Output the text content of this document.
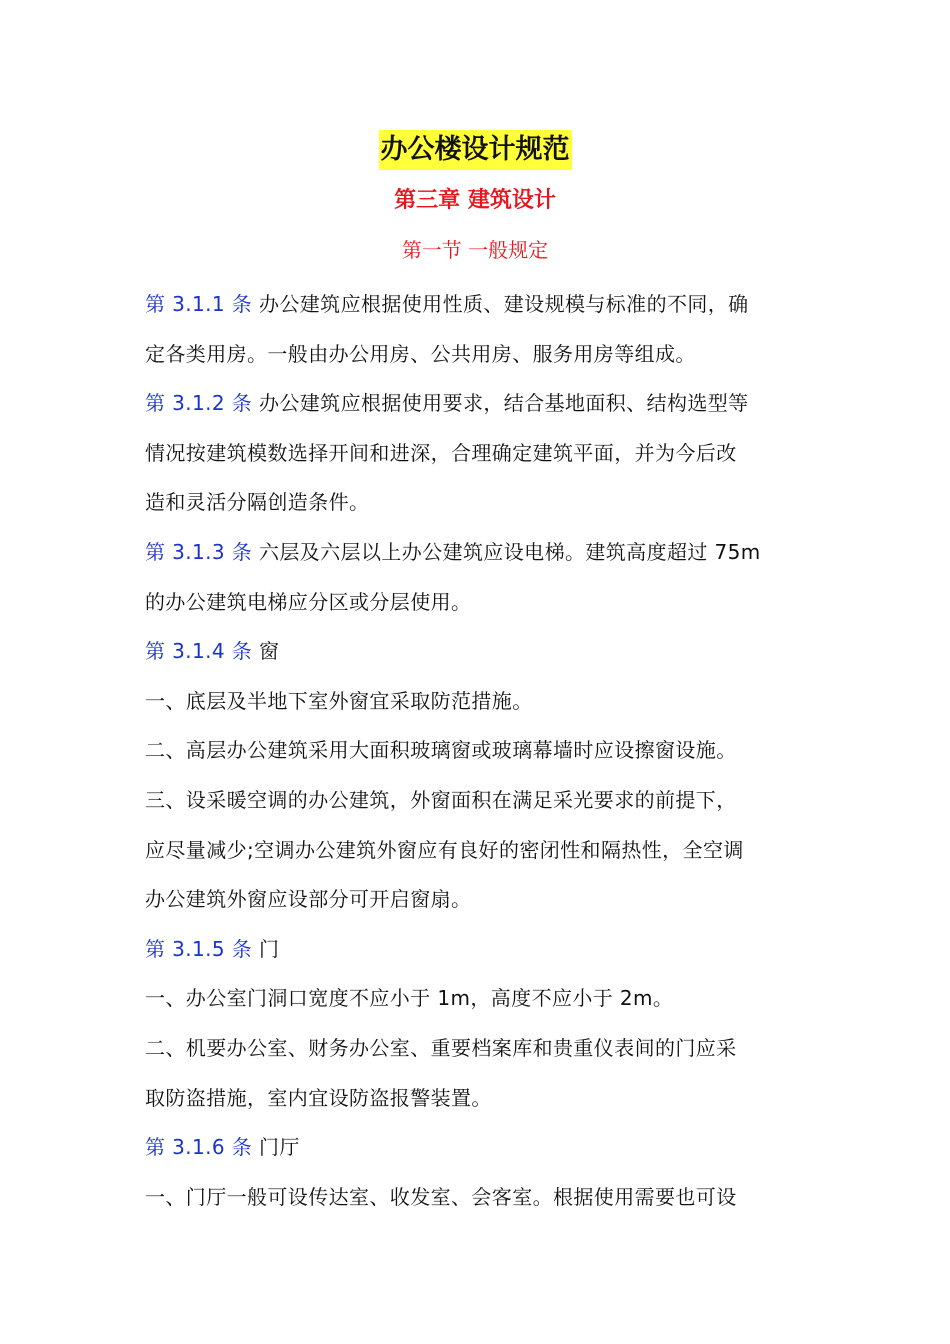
办公楼设计规范
第三章 建筑设计
第一节 一般规定

第 3.1.1 条 办公建筑应根据使用性质、建设规模与标准的不同，确

定各类用房。一般由办公用房、公共用房、服务用房等组成。

第 3.1.2 条 办公建筑应根据使用要求，结合基地面积、结构选型等

情况按建筑模数选择开间和进深，合理确定建筑平面，并为今后改

造和灵活分隔创造条件。

第 3.1.3 条 六层及六层以上办公建筑应设电梯。建筑高度超过 75m

的办公建筑电梯应分区或分层使用。

第 3.1.4 条 窗

一、底层及半地下室外窗宜采取防范措施。

二、高层办公建筑采用大面积玻璃窗或玻璃幕墙时应设擦窗设施。

三、设采暖空调的办公建筑，外窗面积在满足采光要求的前提下，

应尽量减少;空调办公建筑外窗应有良好的密闭性和隔热性，全空调

办公建筑外窗应设部分可开启窗扇。

第 3.1.5 条 门

一、办公室门洞口宽度不应小于 1m，高度不应小于 2m。

二、机要办公室、财务办公室、重要档案库和贵重仪表间的门应采

取防盗措施，室内宜设防盗报警装置。

第 3.1.6 条 门厅

一、门厅一般可设传达室、收发室、会客室。根据使用需要也可设
